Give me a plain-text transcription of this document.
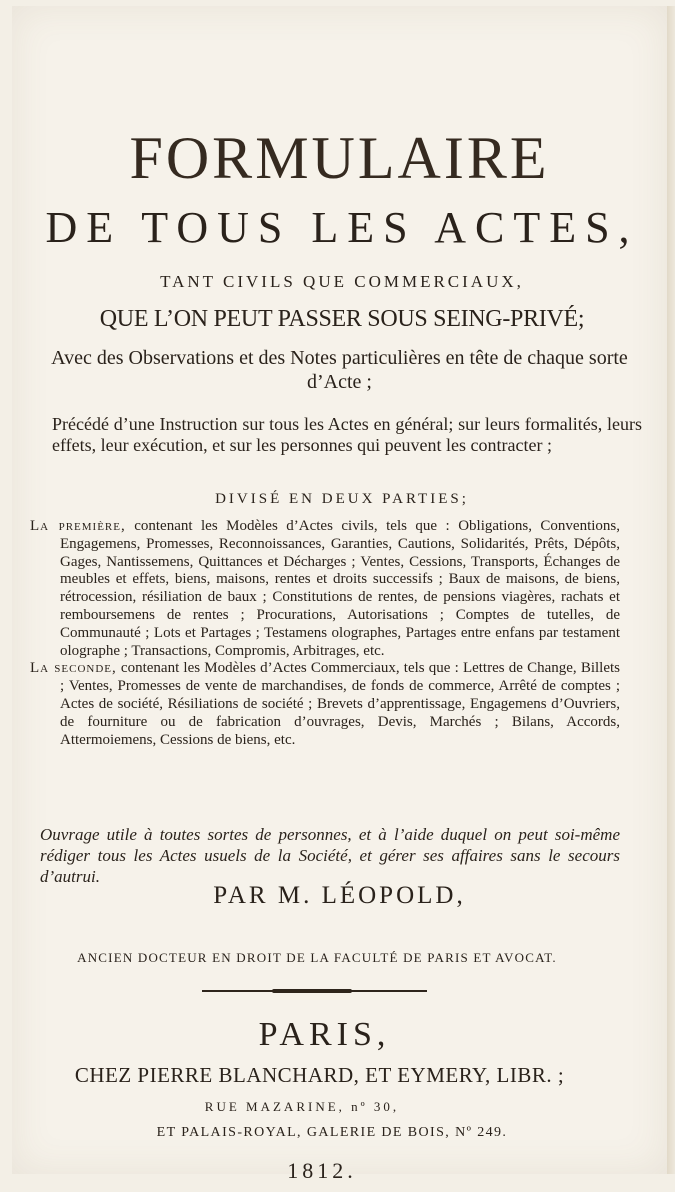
FORMULAIRE
DE TOUS LES ACTES,
TANT CIVILS QUE COMMERCIAUX,
QUE L’ON PEUT PASSER SOUS SEING-PRIVÉ;
Avec des Observations et des Notes particulières en tête de chaque sorte d’Acte ;
Précédé d’une Instruction sur tous les Actes en général; sur leurs formalités, leurs effets, leur exécution, et sur les personnes qui peuvent les contracter ;
DIVISÉ EN DEUX PARTIES;
La première, contenant les Modèles d’Actes civils, tels que : Obligations, Conventions, Engagemens, Promesses, Reconnoissances, Garanties, Cautions, Solidarités, Prêts, Dépôts, Gages, Nantissemens, Quittances et Décharges ; Ventes, Cessions, Transports, Échanges de meubles et effets, biens, maisons, rentes et droits successifs ; Baux de maisons, de biens, rétrocession, résiliation de baux ; Constitutions de rentes, de pensions viagères, rachats et remboursemens de rentes ; Procurations, Autorisations ; Comptes de tutelles, de Communauté ; Lots et Partages ; Testamens olographes, Partages entre enfans par testament olographe ; Transactions, Compromis, Arbitrages, etc.
La seconde, contenant les Modèles d’Actes Commerciaux, tels que : Lettres de Change, Billets ; Ventes, Promesses de vente de marchandises, de fonds de commerce, Arrêté de comptes ; Actes de société, Résiliations de société ; Brevets d’apprentissage, Engagemens d’Ouvriers, de fourniture ou de fabrication d’ouvrages, Devis, Marchés ; Bilans, Accords, Attermoiemens, Cessions de biens, etc.
Ouvrage utile à toutes sortes de personnes, et à l’aide duquel on peut soi-même rédiger tous les Actes usuels de la Société, et gérer ses affaires sans le secours d’autrui.
PAR M. LÉOPOLD,
ANCIEN DOCTEUR EN DROIT DE LA FACULTÉ DE PARIS ET AVOCAT.
PARIS,
CHEZ PIERRE BLANCHARD, ET EYMERY, LIBR. ;
RUE MAZARINE, nº 30,
ET PALAIS-ROYAL, GALERIE DE BOIS, Nº 249.
1812.
